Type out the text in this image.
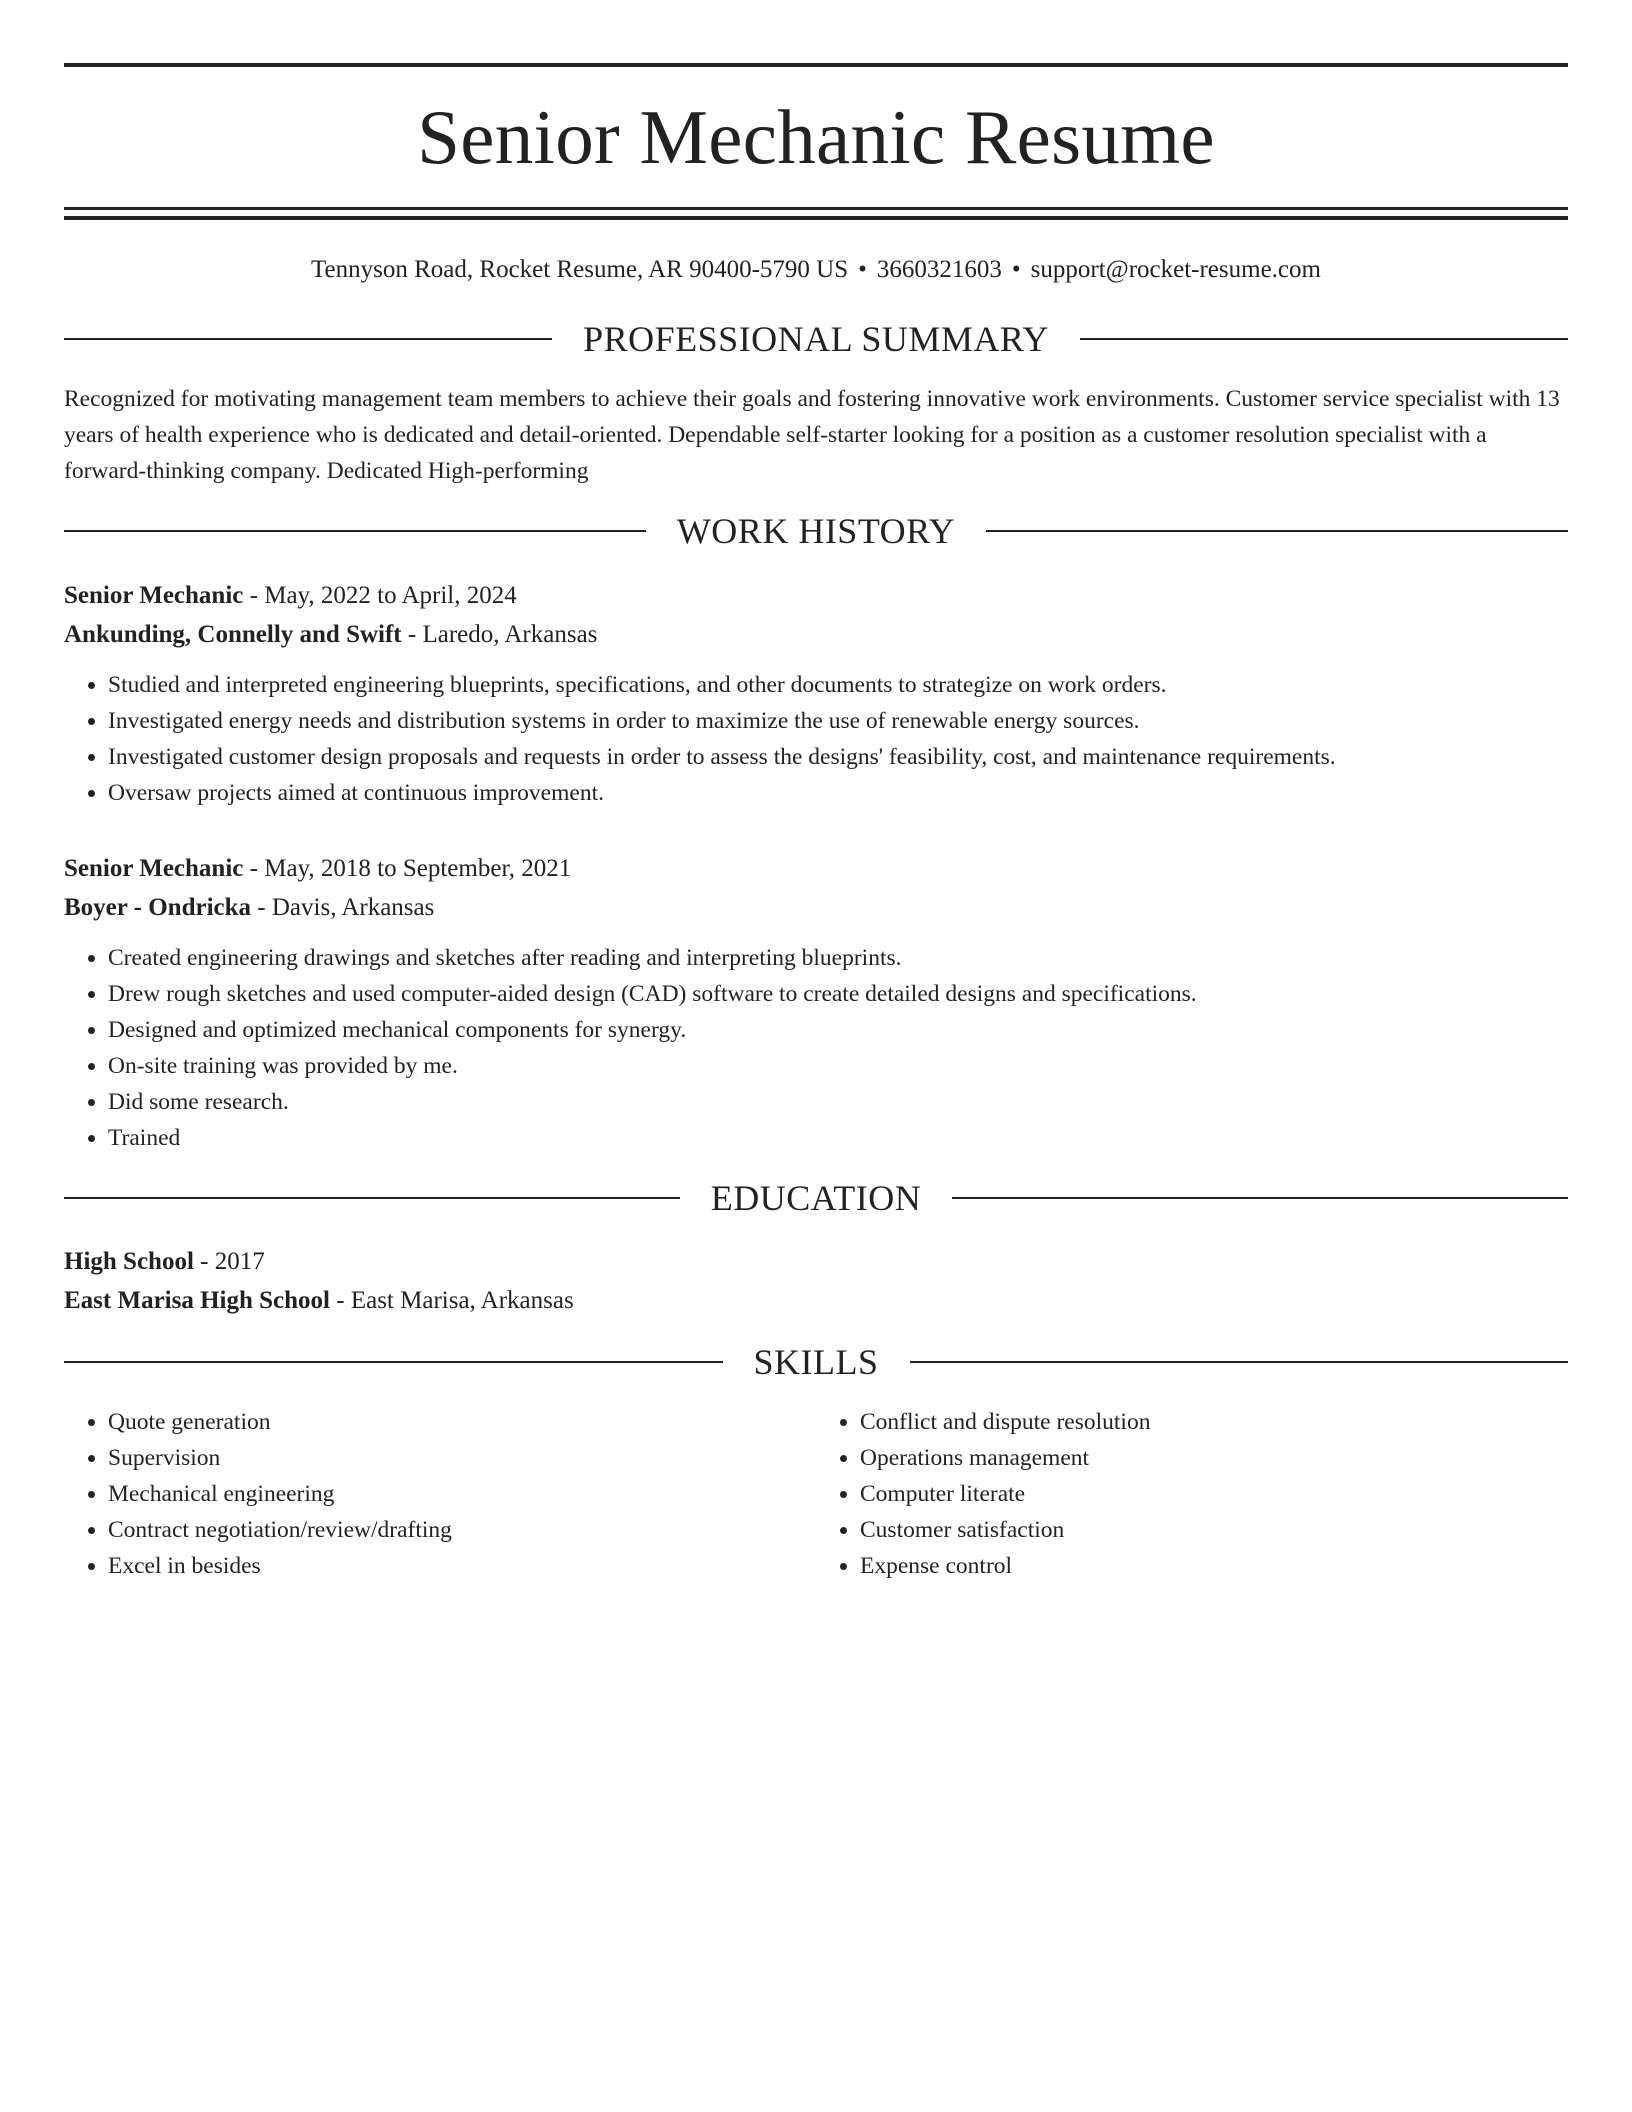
Senior Mechanic Resume
Tennyson Road, Rocket Resume, AR 90400-5790 US • 3660321603 • support@rocket-resume.com
PROFESSIONAL SUMMARY

Recognized for motivating management team members to achieve their goals and fostering innovative work environments. Customer service specialist with 13 years of health experience who is dedicated and detail-oriented. Dependable self-starter looking for a position as a customer resolution specialist with a forward-thinking company. Dedicated High-performing

WORK HISTORY
Senior Mechanic - May, 2022 to April, 2024
Ankunding, Connelly and Swift - Laredo, Arkansas
• Studied and interpreted engineering blueprints, specifications, and other documents to strategize on work orders.
• Investigated energy needs and distribution systems in order to maximize the use of renewable energy sources.
• Investigated customer design proposals and requests in order to assess the designs' feasibility, cost, and maintenance requirements.
• Oversaw projects aimed at continuous improvement.
Senior Mechanic - May, 2018 to September, 2021
Boyer - Ondricka - Davis, Arkansas
• Created engineering drawings and sketches after reading and interpreting blueprints.
• Drew rough sketches and used computer-aided design (CAD) software to create detailed designs and specifications.
• Designed and optimized mechanical components for synergy.
• On-site training was provided by me.
• Did some research.
• Trained
EDUCATION
High School - 2017
East Marisa High School - East Marisa, Arkansas
SKILLS
• Quote generation
• Supervision
• Mechanical engineering
• Contract negotiation/review/drafting
• Excel in besides
• Conflict and dispute resolution
• Operations management
• Computer literate
• Customer satisfaction
• Expense control
